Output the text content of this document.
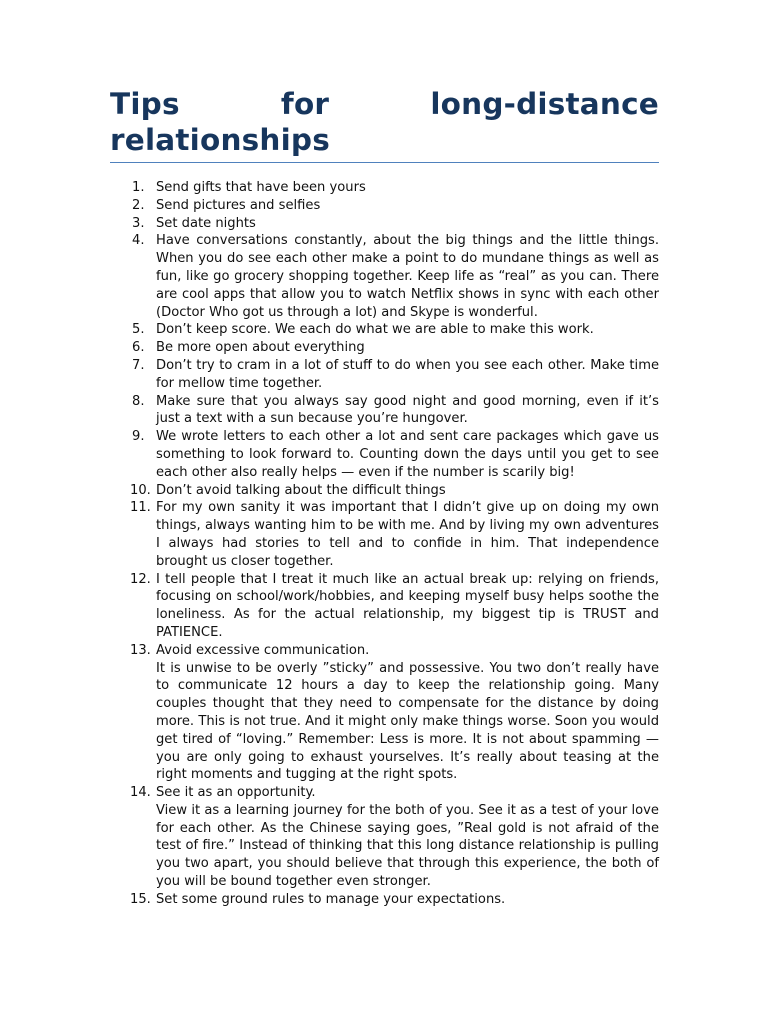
Tips for long-distance relationships
1. Send gifts that have been yours
2. Send pictures and selfies
3. Set date nights
4. Have conversations constantly, about the big things and the little things. When you do see each other make a point to do mundane things as well as fun, like go grocery shopping together. Keep life as “real” as you can. There are cool apps that allow you to watch Netflix shows in sync with each other (Doctor Who got us through a lot) and Skype is wonderful.
5. Don’t keep score. We each do what we are able to make this work.
6. Be more open about everything
7. Don’t try to cram in a lot of stuff to do when you see each other. Make time for mellow time together.
8. Make sure that you always say good night and good morning, even if it’s just a text with a sun because you’re hungover.
9. We wrote letters to each other a lot and sent care packages which gave us something to look forward to. Counting down the days until you get to see each other also really helps — even if the number is scarily big!
10. Don’t avoid talking about the difficult things
11. For my own sanity it was important that I didn’t give up on doing my own things, always wanting him to be with me. And by living my own adventures I always had stories to tell and to confide in him. That independence brought us closer together.
12. I tell people that I treat it much like an actual break up: relying on friends, focusing on school/work/hobbies, and keeping myself busy helps soothe the loneliness. As for the actual relationship, my biggest tip is TRUST and PATIENCE.
13. Avoid excessive communication.
It is unwise to be overly ”sticky” and possessive. You two don’t really have to communicate 12 hours a day to keep the relationship going. Many couples thought that they need to compensate for the distance by doing more. This is not true. And it might only make things worse. Soon you would get tired of “loving.” Remember: Less is more. It is not about spamming — you are only going to exhaust yourselves. It’s really about teasing at the right moments and tugging at the right spots.
14. See it as an opportunity.
View it as a learning journey for the both of you. See it as a test of your love for each other. As the Chinese saying goes, ”Real gold is not afraid of the test of fire.” Instead of thinking that this long distance relationship is pulling you two apart, you should believe that through this experience, the both of you will be bound together even stronger.
15. Set some ground rules to manage your expectations.
